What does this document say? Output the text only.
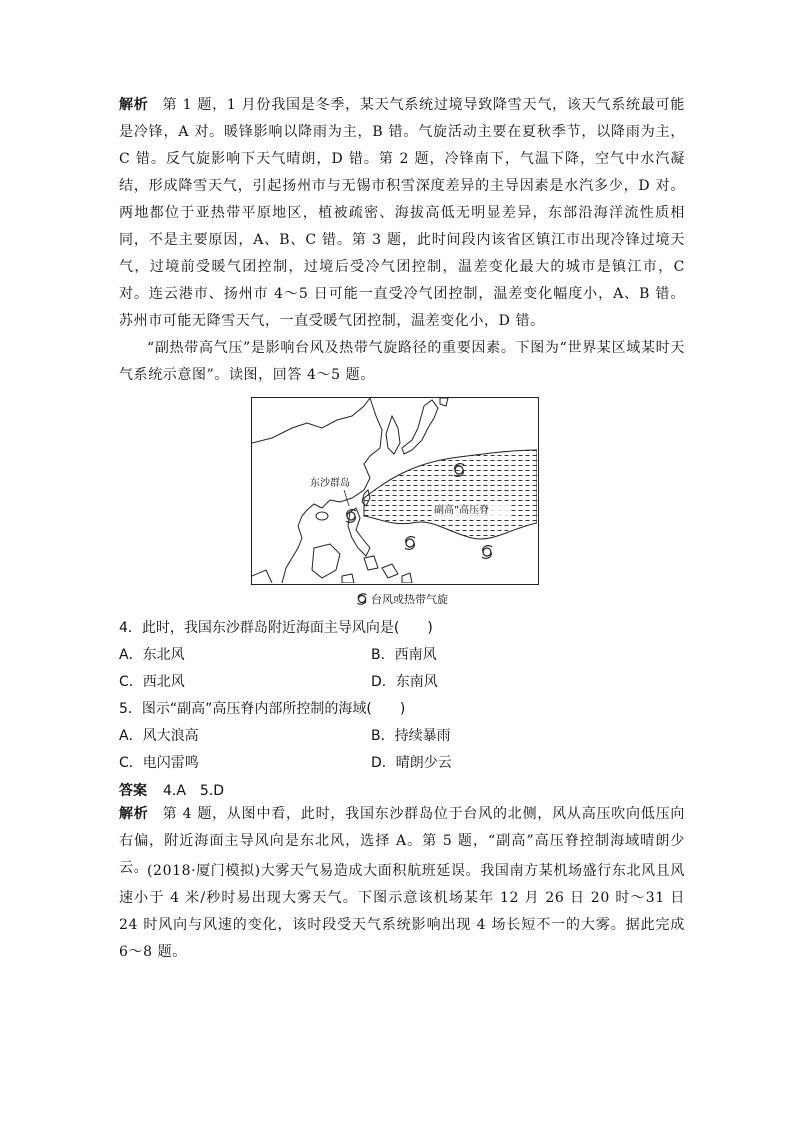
解析 第 1 题，1 月份我国是冬季，某天气系统过境导致降雪天气，该天气系统最可能是冷锋，A 对。暖锋影响以降雨为主，B 错。气旋活动主要在夏秋季节，以降雨为主，C 错。反气旋影响下天气晴朗，D 错。第 2 题，冷锋南下，气温下降，空气中水汽凝结，形成降雪天气，引起扬州市与无锡市积雪深度差异的主导因素是水汽多少，D 对。两地都位于亚热带平原地区，植被疏密、海拔高低无明显差异，东部沿海洋流性质相同，不是主要原因，A、B、C 错。第 3 题，此时间段内该省区镇江市出现冷锋过境天气，过境前受暖气团控制，过境后受冷气团控制，温差变化最大的城市是镇江市，C 对。连云港市、扬州市 4～5 日可能一直受冷气团控制，温差变化幅度小，A、B 错。苏州市可能无降雪天气，一直受暖气团控制，温差变化小，D 错。
“副热带高气压”是影响台风及热带气旋路径的重要因素。下图为“世界某区域某时天气系统示意图”。读图，回答 4～5 题。
副高”高压脊
东沙群岛
台风或热带气旋
4．此时，我国东沙群岛附近海面主导风向是(　　)
A．东北风	B．西南风
C．西北风	D．东南风
5．图示“副高”高压脊内部所控制的海域(　　)
A．风大浪高	B．持续暴雨
C．电闪雷鸣	D．晴朗少云
答案 4.A　5.D
解析 第 4 题，从图中看，此时，我国东沙群岛位于台风的北侧，风从高压吹向低压向右偏，附近海面主导风向是东北风，选择 A。第 5 题，“副高”高压脊控制海域晴朗少云。
(2018·厦门模拟)大雾天气易造成大面积航班延误。我国南方某机场盛行东北风且风速小于 4 米/秒时易出现大雾天气。下图示意该机场某年 12 月 26 日 20 时～31 日 24 时风向与风速的变化，该时段受天气系统影响出现 4 场长短不一的大雾。据此完成 6～8 题。
